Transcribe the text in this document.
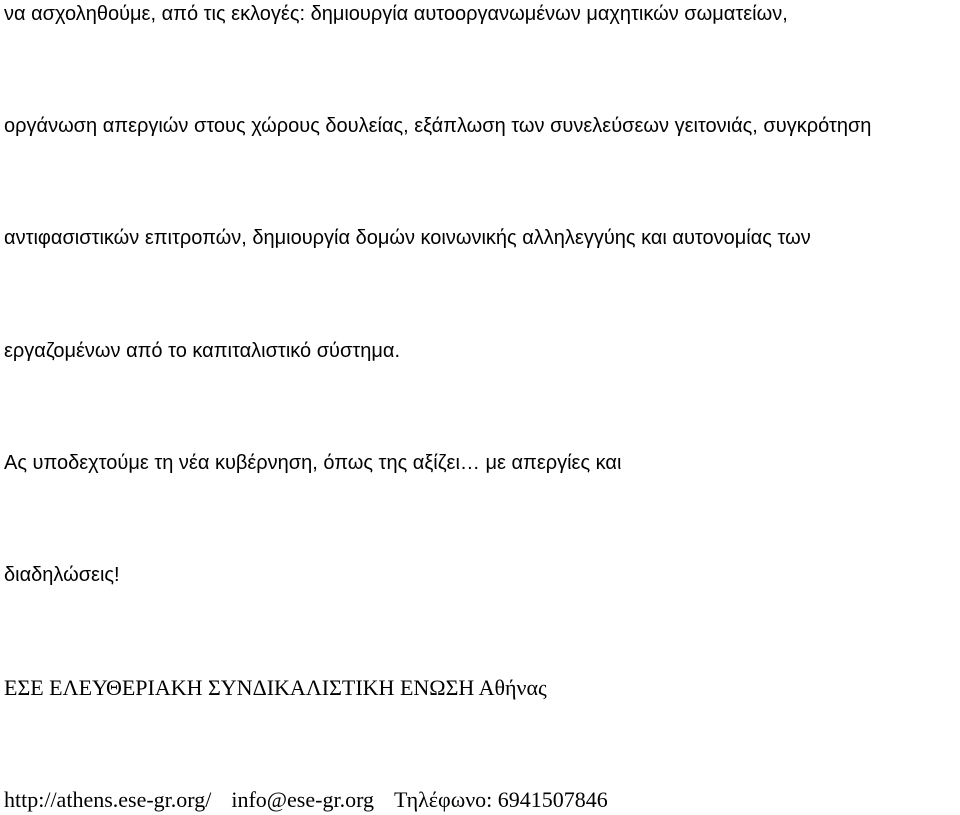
να ασχοληθούμε, από τις εκλογές: δημιουργία αυτοοργανωμένων μαχητικών σωματείων,
οργάνωση απεργιών στους χώρους δουλείας, εξάπλωση των συνελεύσεων γειτονιάς, συγκρότηση
αντιφασιστικών επιτροπών, δημιουργία δομών κοινωνικής αλληλεγγύης και αυτονομίας των
εργαζομένων από το καπιταλιστικό σύστημα.
Ας υποδεχτούμε τη νέα κυβέρνηση, όπως της αξίζει… με απεργίες και
διαδηλώσεις!
ΕΣΕ ΕΛΕΥΘΕΡΙΑΚΗ ΣΥΝΔΙΚΑΛΙΣΤΙΚΗ ΕΝΩΣΗ Αθήνας
http://athens.ese-gr.org/ info@ese-gr.org Τηλέφωνο: 6941507846
